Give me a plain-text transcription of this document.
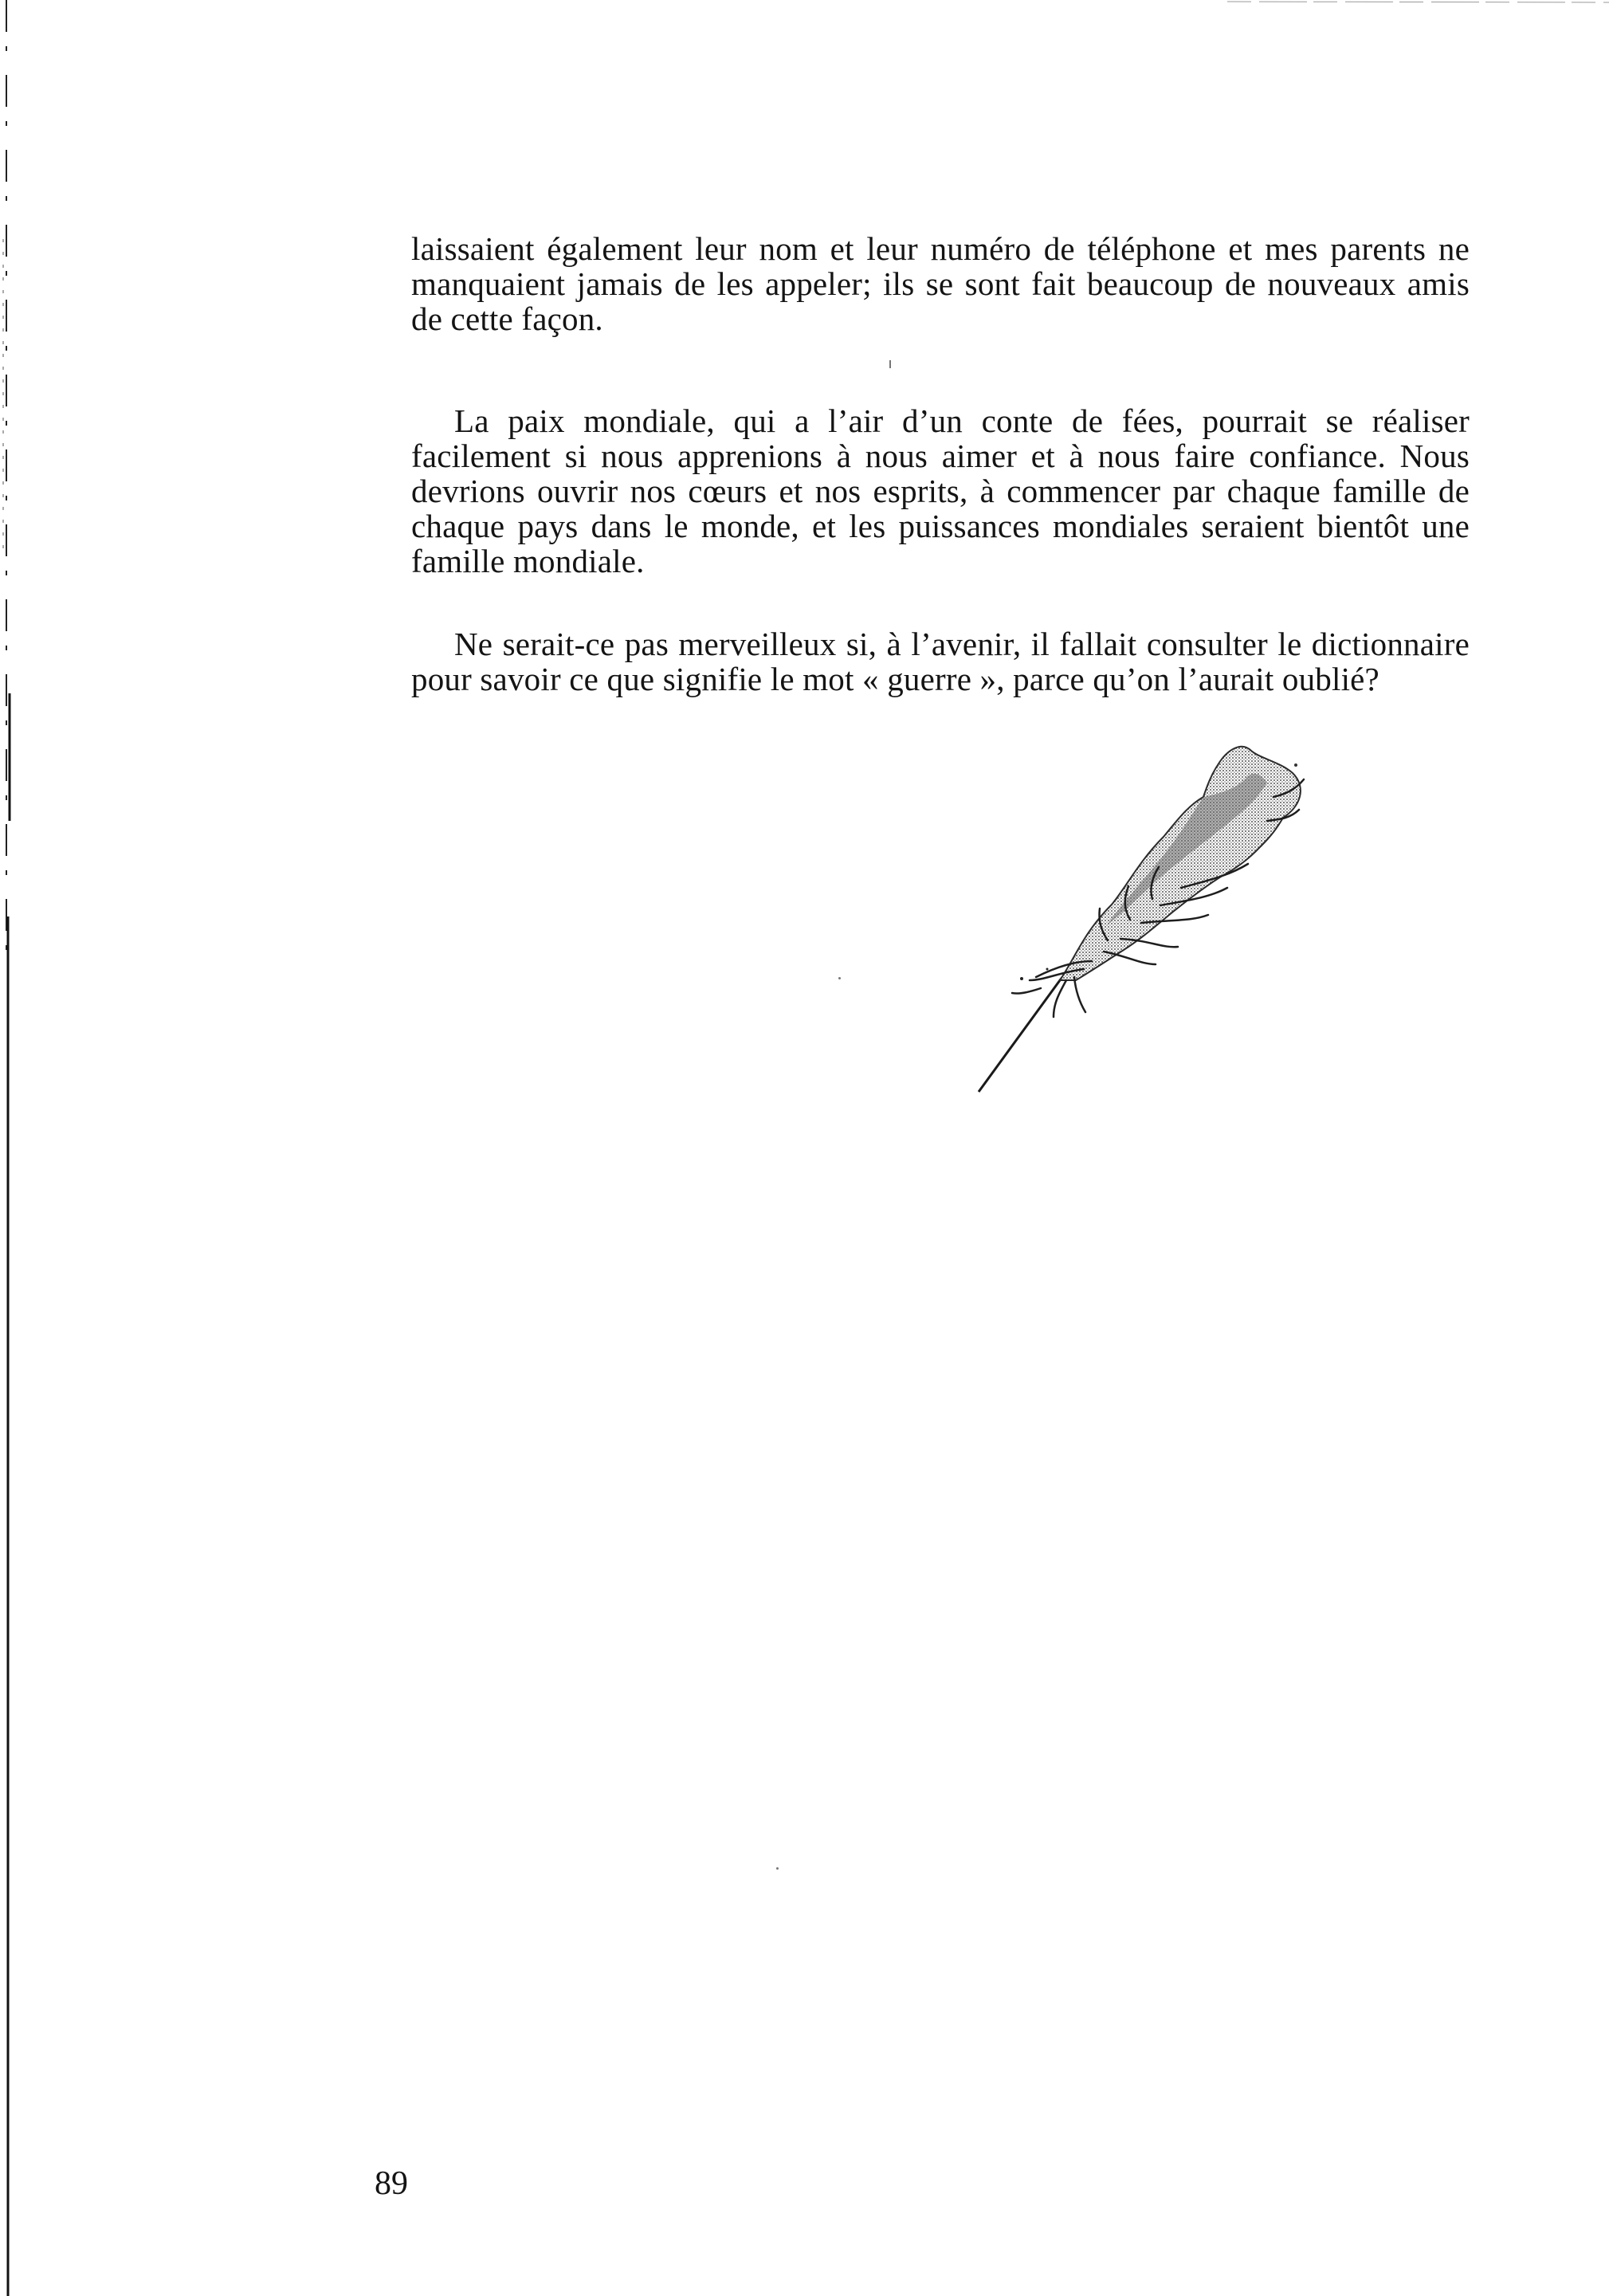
laissaient également leur nom et leur numéro de téléphone et mes parents ne manquaient jamais de les appeler; ils se sont fait beaucoup de nouveaux amis de cette façon.

La paix mondiale, qui a l’air d’un conte de fées, pourrait se réaliser facilement si nous apprenions à nous aimer et à nous faire confiance. Nous devrions ouvrir nos cœurs et nos esprits, à commencer par chaque famille de chaque pays dans le monde, et les puissances mondiales seraient bientôt une famille mondiale.

Ne serait-ce pas merveilleux si, à l’avenir, il fallait consulter le dictionnaire pour savoir ce que signifie le mot « guerre », parce qu’on l’aurait oublié?

89
